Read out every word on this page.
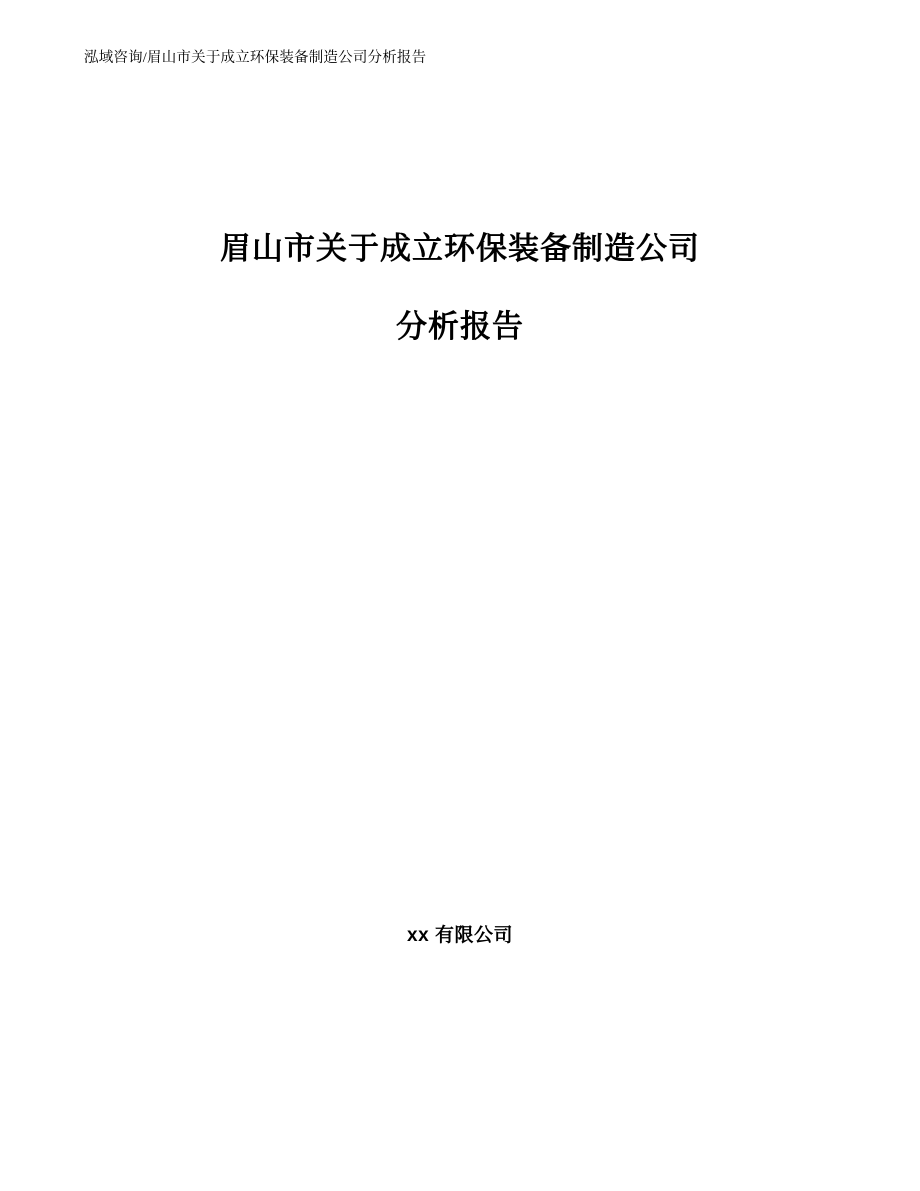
泓域咨询/眉山市关于成立环保装备制造公司分析报告
眉山市关于成立环保装备制造公司
分析报告
xx 有限公司
